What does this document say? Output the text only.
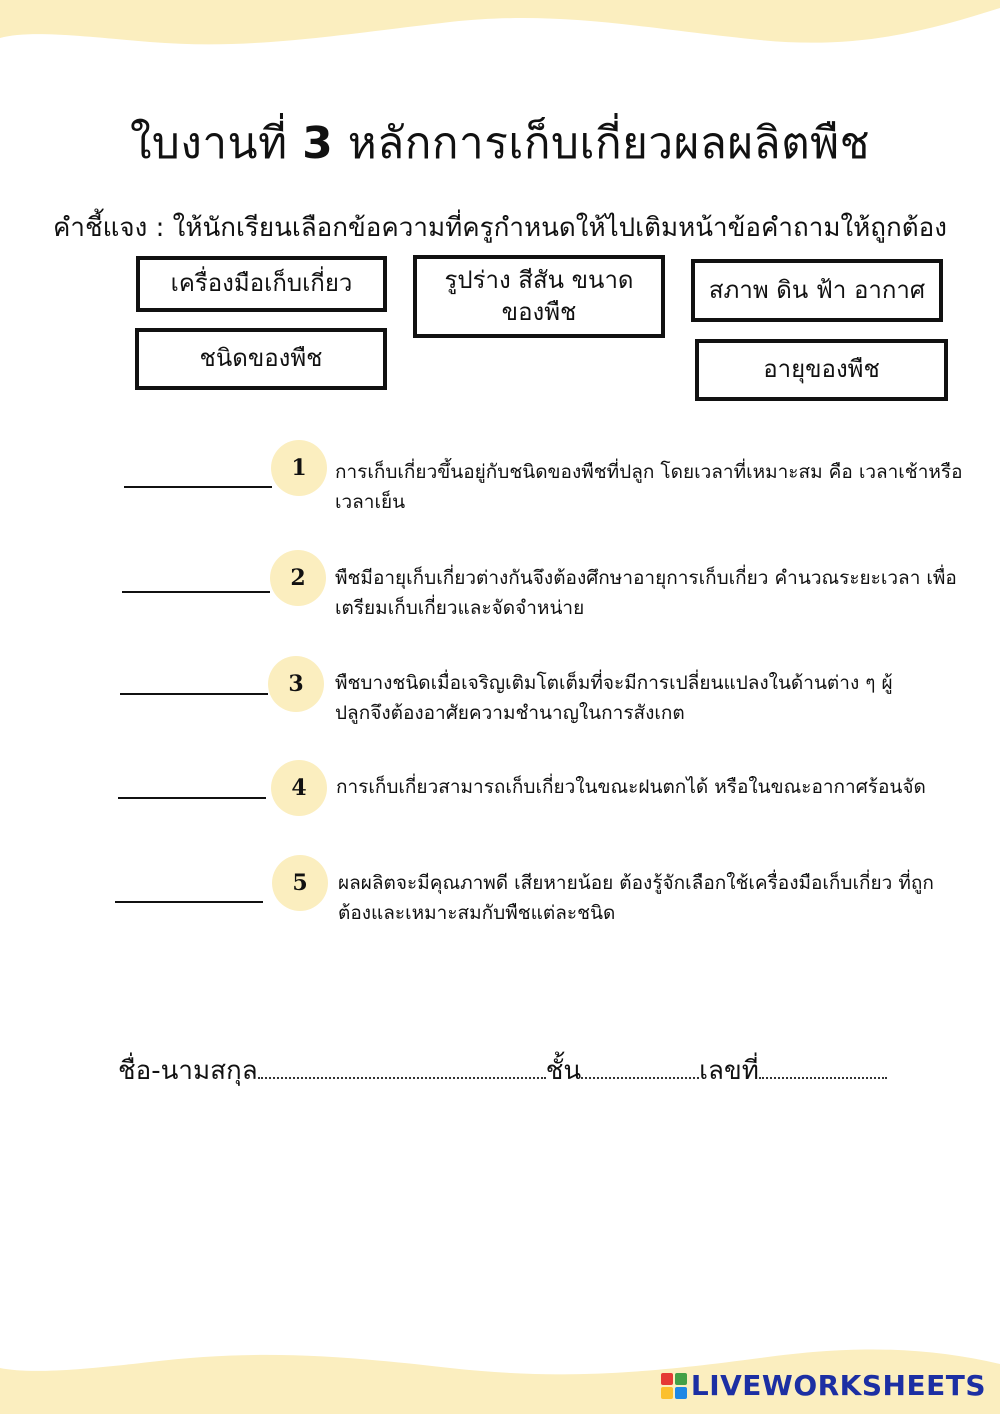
ใบงานที่ 3 หลักการเก็บเกี่ยวผลผลิตพืช
คำชี้แจง : ให้นักเรียนเลือกข้อความที่ครูกำหนดให้ไปเติมหน้าข้อคำถามให้ถูกต้อง
เครื่องมือเก็บเกี่ยว	รูปร่าง สีสัน ขนาด ของพืช
สภาพ ดิน ฟ้า อากาศ
ชนิดของพืช	อายุของพืช
1 การเก็บเกี่ยวขึ้นอยู่กับชนิดของพืชที่ปลูก โดยเวลาที่เหมาะสม คือ เวลาเช้าหรือเวลาเย็น
2 พืชมีอายุเก็บเกี่ยวต่างกันจึงต้องศึกษาอายุการเก็บเกี่ยว คำนวณระยะเวลา เพื่อเตรียมเก็บเกี่ยวและจัดจำหน่าย
3 พืชบางชนิดเมื่อเจริญเติมโตเต็มที่จะมีการเปลี่ยนแปลงในด้านต่าง ๆ ผู้ปลูกจึงต้องอาศัยความชำนาญในการสังเกต
4 การเก็บเกี่ยวสามารถเก็บเกี่ยวในขณะฝนตกได้ หรือในขณะอากาศร้อนจัด
5 ผลผลิตจะมีคุณภาพดี เสียหายน้อย ต้องรู้จักเลือกใช้เครื่องมือเก็บเกี่ยว ที่ถูกต้องและเหมาะสมกับพืชแต่ละชนิด
ชื่อ-นามสกุล	ชั้น	เลขที่
LIVEWORKSHEETS
